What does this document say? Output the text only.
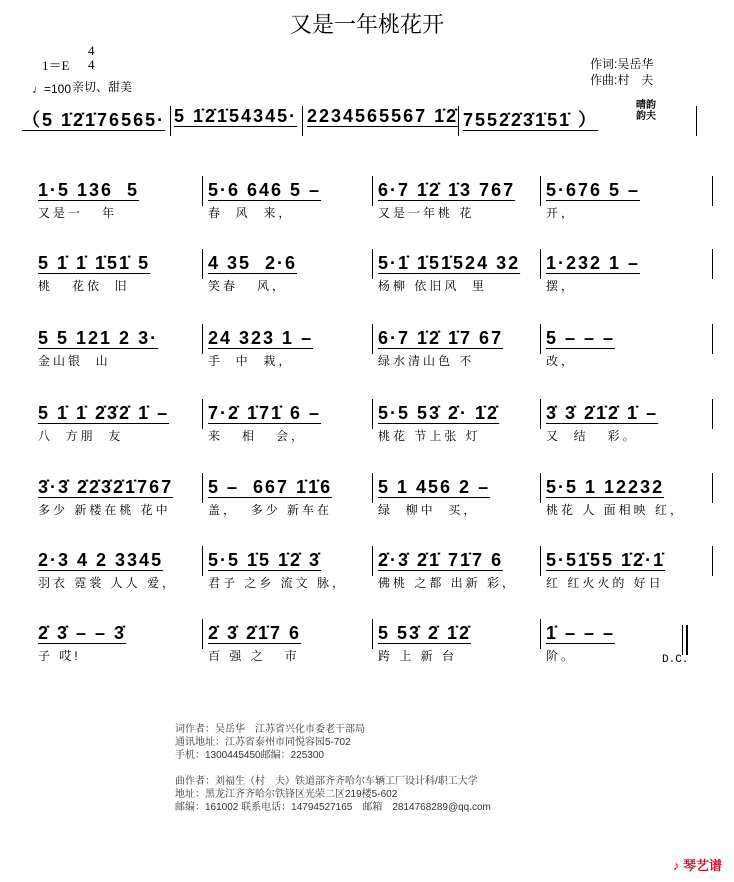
又是一年桃花开
1＝E
4
4
♩=100 亲切、甜美
作词:吴岳华
作曲:村　夫
晴韵
韵夫
（5 1̇2̇1̇76565· 5 1̇2̇1̇54345· 2234565567 1̇2̇ 7552̇2̇3̇1̇51̇ ）
1·5 136  5
又是一   年
5·6 646 5 –
春  风  来，
6·7 1̇2̇ 1̇3 767
又是一年桃 花
5·676 5 –
开，
5 1̇ 1̇ 1̇51̇ 5
桃   花依  旧
4 35  2·6
笑春   风，
5·1̇ 1̇51̇524 32
杨柳 依旧风  里
1·232 1 –
摆，
5 5 121 2 3·
金山银  山
24 323 1 –
手  中  栽，
6·7 1̇2̇ 1̇7 67
绿水清山色 不
5 – – –
改，
5 1̇ 1̇ 2̇3̇2̇ 1̇ –
八  方朋  友
7·2̇ 1̇71̇ 6 –
来   相   会，
5·5 53̇ 2̇· 1̇2̇
桃花 节上张 灯
3̇ 3̇ 2̇1̇2̇ 1̇ –
又  结   彩。
3̇·3̇ 2̇2̇3̇2̇1̇767
多少 新楼在桃 花中
5 –  667 1̇1̇6
盖，  多少 新车在
5 1 456 2 –
绿  柳中  买，
5·5 1 12232
桃花 人 面相映 红，
2·3 4 2 3345
羽衣 霓裳 人人 爱，
5·5 1̇5 1̇2̇ 3̇
君子 之乡 流文 脉，
2̇·3̇ 2̇1̇ 71̇7 6
佛桃 之都 出新 彩，
5·51̇55 1̇2̇·1̇
红 红火火的 好日
2̇ 3̇ – – 3̇
子 哎!
2̇ 3̇ 2̇1̇7 6
百 强 之   市
5 53̇ 2̇ 1̇2̇
跨 上 新 台
1̇ – – –
阶。	D.C.
词作者：吴岳华　江苏省兴化市委老干部局
通讯地址：江苏省泰州市同悦容园5-702
手机：1300445450邮编：225300
曲作者：刘福生（村　夫）铁道部齐齐哈尔车辆工厂设计科/职工大学
地址：黑龙江齐齐哈尔铁锋区光荣二区219楼5-602
邮编：161002 联系电话：14794527165　邮箱　2814768289@qq.com
♪ 琴艺谱
